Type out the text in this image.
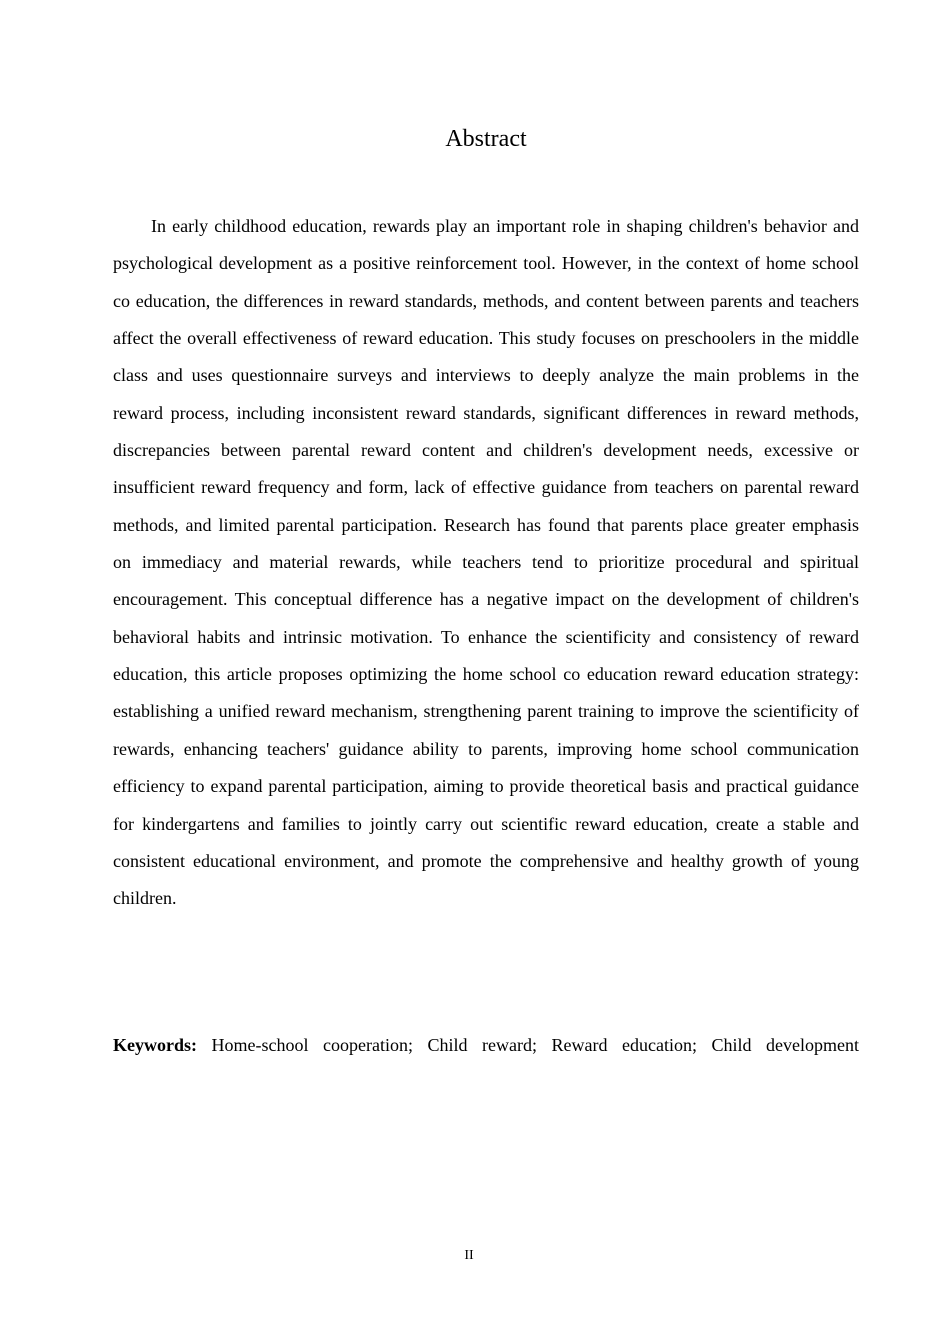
Abstract

In early childhood education, rewards play an important role in shaping children's behavior and psychological development as a positive reinforcement tool. However, in the context of home school co education, the differences in reward standards, methods, and content between parents and teachers affect the overall effectiveness of reward education. This study focuses on preschoolers in the middle class and uses questionnaire surveys and interviews to deeply analyze the main problems in the reward process, including inconsistent reward standards, significant differences in reward methods, discrepancies between parental reward content and children's development needs, excessive or insufficient reward frequency and form, lack of effective guidance from teachers on parental reward methods, and limited parental participation. Research has found that parents place greater emphasis on immediacy and material rewards, while teachers tend to prioritize procedural and spiritual encouragement. This conceptual difference has a negative impact on the development of children's behavioral habits and intrinsic motivation. To enhance the scientificity and consistency of reward education, this article proposes optimizing the home school co education reward education strategy: establishing a unified reward mechanism, strengthening parent training to improve the scientificity of rewards, enhancing teachers' guidance ability to parents, improving home school communication efficiency to expand parental participation, aiming to provide theoretical basis and practical guidance for kindergartens and families to jointly carry out scientific reward education, create a stable and consistent educational environment, and promote the comprehensive and healthy growth of young children.

Keywords: Home-school cooperation; Child reward; Reward education; Child development

II
